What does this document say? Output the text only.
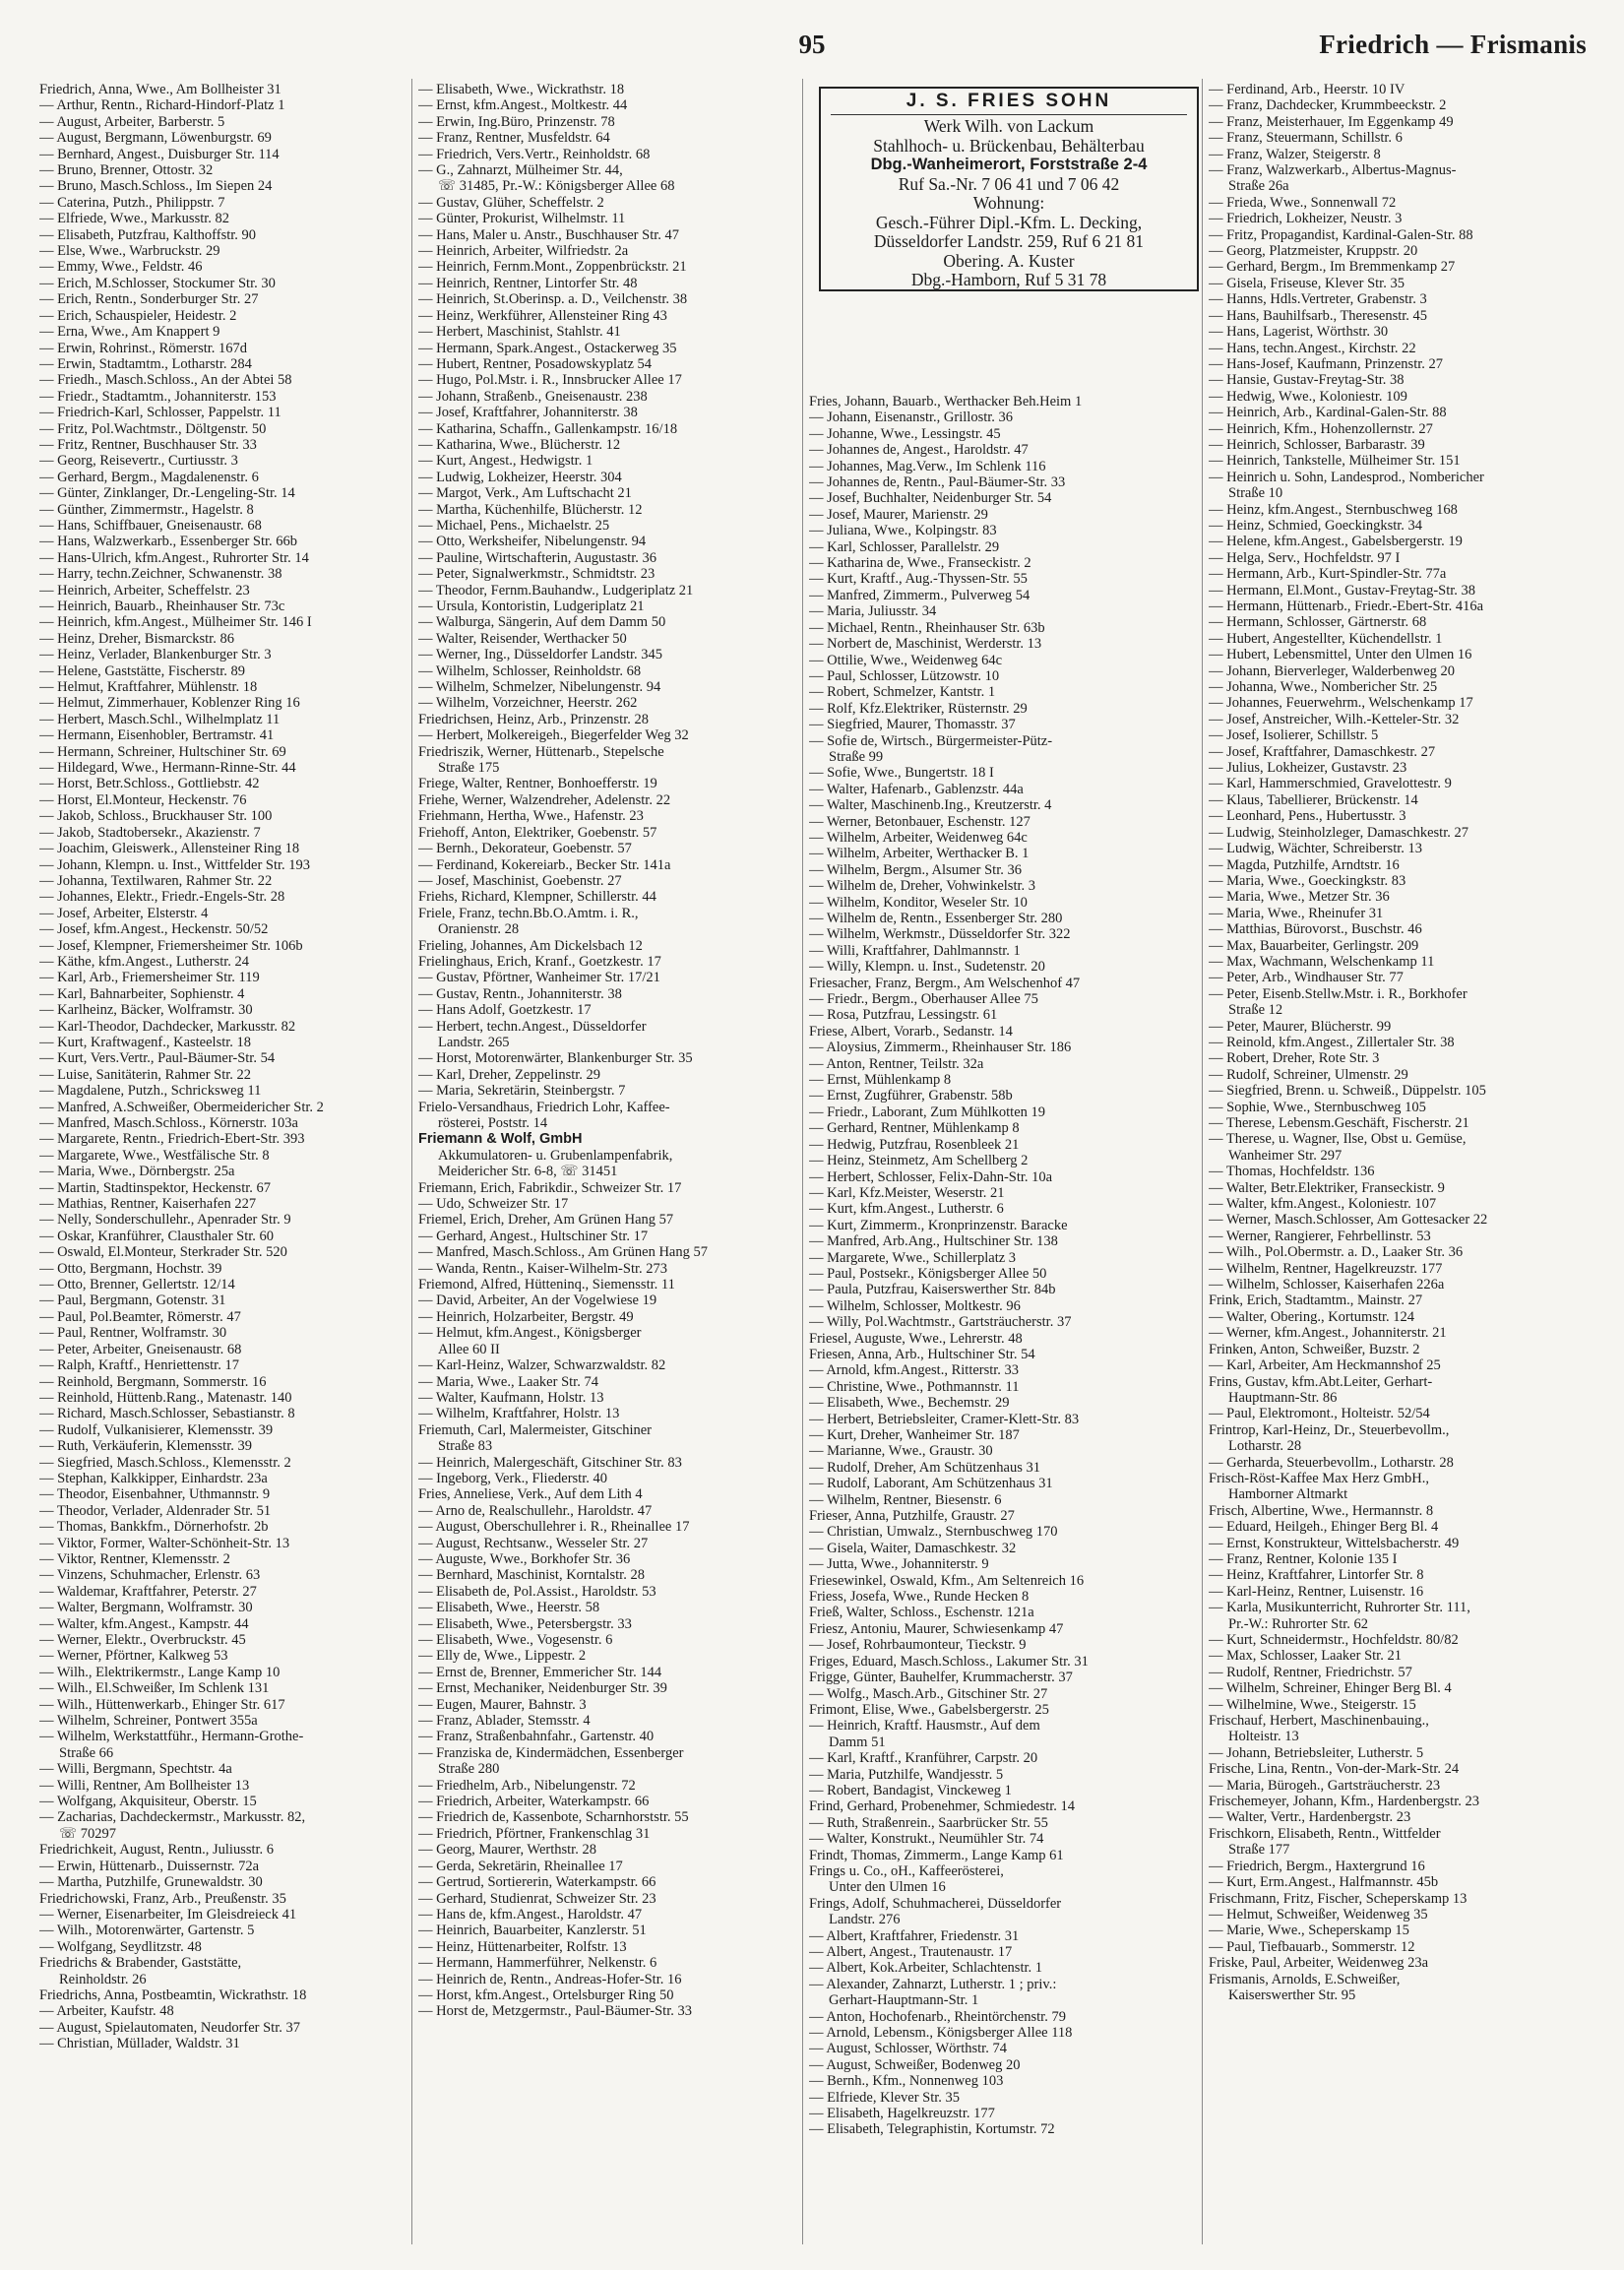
95	Friedrich — Frismanis
Friedrich, Anna, Wwe., Am Bollheister 31
— Arthur, Rentn., Richard-Hindorf-Platz 1
— August, Arbeiter, Barberstr. 5
— August, Bergmann, Löwenburgstr. 69
— Bernhard, Angest., Duisburger Str. 114
— Bruno, Brenner, Ottostr. 32
— Bruno, Masch.Schloss., Im Siepen 24
— Caterina, Putzh., Philippstr. 7
— Elfriede, Wwe., Markusstr. 82
— Elisabeth, Putzfrau, Kalthoffstr. 90
— Else, Wwe., Warbruckstr. 29
— Emmy, Wwe., Feldstr. 46
— Erich, M.Schlosser, Stockumer Str. 30
— Erich, Rentn., Sonderburger Str. 27
— Erich, Schauspieler, Heidestr. 2
— Erna, Wwe., Am Knappert 9
— Erwin, Rohrinst., Römerstr. 167d
— Erwin, Stadtamtm., Lotharstr. 284
— Friedh., Masch.Schloss., An der Abtei 58
— Friedr., Stadtamtm., Johanniterstr. 153
— Friedrich-Karl, Schlosser, Pappelstr. 11
— Fritz, Pol.Wachtmstr., Döltgenstr. 50
— Fritz, Rentner, Buschhauser Str. 33
— Georg, Reisevertr., Curtiusstr. 3
— Gerhard, Bergm., Magdalenenstr. 6
— Günter, Zinklanger, Dr.-Lengeling-Str. 14
— Günther, Zimmermstr., Hagelstr. 8
— Hans, Schiffbauer, Gneisenaustr. 68
— Hans, Walzwerkarb., Essenberger Str. 66b
— Hans-Ulrich, kfm.Angest., Ruhrorter Str. 14
— Harry, techn.Zeichner, Schwanenstr. 38
— Heinrich, Arbeiter, Scheffelstr. 23
— Heinrich, Bauarb., Rheinhauser Str. 73c
— Heinrich, kfm.Angest., Mülheimer Str. 146 I
— Heinz, Dreher, Bismarckstr. 86
— Heinz, Verlader, Blankenburger Str. 3
— Helene, Gaststätte, Fischerstr. 89
— Helmut, Kraftfahrer, Mühlenstr. 18
— Helmut, Zimmerhauer, Koblenzer Ring 16
— Herbert, Masch.Schl., Wilhelmplatz 11
— Hermann, Eisenhobler, Bertramstr. 41
— Hermann, Schreiner, Hultschiner Str. 69
— Hildegard, Wwe., Hermann-Rinne-Str. 44
— Horst, Betr.Schloss., Gottliebstr. 42
— Horst, El.Monteur, Heckenstr. 76
— Jakob, Schloss., Bruckhauser Str. 100
— Jakob, Stadtobersekr., Akazienstr. 7
— Joachim, Gleiswerk., Allensteiner Ring 18
— Johann, Klempn. u. Inst., Wittfelder Str. 193
— Johanna, Textilwaren, Rahmer Str. 22
— Johannes, Elektr., Friedr.-Engels-Str. 28
— Josef, Arbeiter, Elsterstr. 4
— Josef, kfm.Angest., Heckenstr. 50/52
— Josef, Klempner, Friemersheimer Str. 106b
— Käthe, kfm.Angest., Lutherstr. 24
— Karl, Arb., Friemersheimer Str. 119
— Karl, Bahnarbeiter, Sophienstr. 4
— Karlheinz, Bäcker, Wolframstr. 30
— Karl-Theodor, Dachdecker, Markusstr. 82
— Kurt, Kraftwagenf., Kasteelstr. 18
— Kurt, Vers.Vertr., Paul-Bäumer-Str. 54
— Luise, Sanitäterin, Rahmer Str. 22
— Magdalene, Putzh., Schricksweg 11
— Manfred, A.Schweißer, Obermeidericher Str. 2
— Manfred, Masch.Schloss., Körnerstr. 103a
— Margarete, Rentn., Friedrich-Ebert-Str. 393
— Margarete, Wwe., Westfälische Str. 8
— Maria, Wwe., Dörnbergstr. 25a
— Martin, Stadtinspektor, Heckenstr. 67
— Mathias, Rentner, Kaiserhafen 227
— Nelly, Sonderschullehr., Apenrader Str. 9
— Oskar, Kranführer, Clausthaler Str. 60
— Oswald, El.Monteur, Sterkrader Str. 520
— Otto, Bergmann, Hochstr. 39
— Otto, Brenner, Gellertstr. 12/14
— Paul, Bergmann, Gotenstr. 31
— Paul, Pol.Beamter, Römerstr. 47
— Paul, Rentner, Wolframstr. 30
— Peter, Arbeiter, Gneisenaustr. 68
— Ralph, Kraftf., Henriettenstr. 17
— Reinhold, Bergmann, Sommerstr. 16
— Reinhold, Hüttenb.Rang., Matenastr. 140
— Richard, Masch.Schlosser, Sebastianstr. 8
— Rudolf, Vulkanisierer, Klemensstr. 39
— Ruth, Verkäuferin, Klemensstr. 39
— Siegfried, Masch.Schloss., Klemensstr. 2
— Stephan, Kalkkipper, Einhardstr. 23a
— Theodor, Eisenbahner, Uthmannstr. 9
— Theodor, Verlader, Aldenrader Str. 51
— Thomas, Bankkfm., Dörnerhofstr. 2b
— Viktor, Former, Walter-Schönheit-Str. 13
— Viktor, Rentner, Klemensstr. 2
— Vinzens, Schuhmacher, Erlenstr. 63
— Waldemar, Kraftfahrer, Peterstr. 27
— Walter, Bergmann, Wolframstr. 30
— Walter, kfm.Angest., Kampstr. 44
— Werner, Elektr., Overbruckstr. 45
— Werner, Pförtner, Kalkweg 53
— Wilh., Elektrikermstr., Lange Kamp 10
— Wilh., El.Schweißer, Im Schlenk 131
— Wilh., Hüttenwerkarb., Ehinger Str. 617
— Wilhelm, Schreiner, Pontwert 355a
— Wilhelm, Werkstattführ., Hermann-Grothe-
Straße 66
— Willi, Bergmann, Spechtstr. 4a
— Willi, Rentner, Am Bollheister 13
— Wolfgang, Akquisiteur, Oberstr. 15
— Zacharias, Dachdeckermstr., Markusstr. 82,
☏ 70297
Friedrichkeit, August, Rentn., Juliusstr. 6
— Erwin, Hüttenarb., Duissernstr. 72a
— Martha, Putzhilfe, Grunewaldstr. 30
Friedrichowski, Franz, Arb., Preußenstr. 35
— Werner, Eisenarbeiter, Im Gleisdreieck 41
— Wilh., Motorenwärter, Gartenstr. 5
— Wolfgang, Seydlitzstr. 48
Friedrichs & Brabender, Gaststätte,
Reinholdstr. 26
Friedrichs, Anna, Postbeamtin, Wickrathstr. 18
— Arbeiter, Kaufstr. 48
— August, Spielautomaten, Neudorfer Str. 37
— Christian, Müllader, Waldstr. 31
— Elisabeth, Wwe., Wickrathstr. 18
— Ernst, kfm.Angest., Moltkestr. 44
— Erwin, Ing.Büro, Prinzenstr. 78
— Franz, Rentner, Musfeldstr. 64
— Friedrich, Vers.Vertr., Reinholdstr. 68
— G., Zahnarzt, Mülheimer Str. 44,
☏ 31485, Pr.-W.: Königsberger Allee 68
— Gustav, Glüher, Scheffelstr. 2
— Günter, Prokurist, Wilhelmstr. 11
— Hans, Maler u. Anstr., Buschhauser Str. 47
— Heinrich, Arbeiter, Wilfriedstr. 2a
— Heinrich, Fernm.Mont., Zoppenbrückstr. 21
— Heinrich, Rentner, Lintorfer Str. 48
— Heinrich, St.Oberinsp. a. D., Veilchenstr. 38
— Heinz, Werkführer, Allensteiner Ring 43
— Herbert, Maschinist, Stahlstr. 41
— Hermann, Spark.Angest., Ostackerweg 35
— Hubert, Rentner, Posadowskyplatz 54
— Hugo, Pol.Mstr. i. R., Innsbrucker Allee 17
— Johann, Straßenb., Gneisenaustr. 238
— Josef, Kraftfahrer, Johanniterstr. 38
— Katharina, Schaffn., Gallenkampstr. 16/18
— Katharina, Wwe., Blücherstr. 12
— Kurt, Angest., Hedwigstr. 1
— Ludwig, Lokheizer, Heerstr. 304
— Margot, Verk., Am Luftschacht 21
— Martha, Küchenhilfe, Blücherstr. 12
— Michael, Pens., Michaelstr. 25
— Otto, Werksheifer, Nibelungenstr. 94
— Pauline, Wirtschafterin, Augustastr. 36
— Peter, Signalwerkmstr., Schmidtstr. 23
— Theodor, Fernm.Bauhandw., Ludgeriplatz 21
— Ursula, Kontoristin, Ludgeriplatz 21
— Walburga, Sängerin, Auf dem Damm 50
— Walter, Reisender, Werthacker 50
— Werner, Ing., Düsseldorfer Landstr. 345
— Wilhelm, Schlosser, Reinholdstr. 68
— Wilhelm, Schmelzer, Nibelungenstr. 94
— Wilhelm, Vorzeichner, Heerstr. 262
Friedrichsen, Heinz, Arb., Prinzenstr. 28
— Herbert, Molkereigeh., Biegerfelder Weg 32
Friedriszik, Werner, Hüttenarb., Stepelsche
Straße 175
Friege, Walter, Rentner, Bonhoefferstr. 19
Friehe, Werner, Walzendreher, Adelenstr. 22
Friehmann, Hertha, Wwe., Hafenstr. 23
Friehoff, Anton, Elektriker, Goebenstr. 57
— Bernh., Dekorateur, Goebenstr. 57
— Ferdinand, Kokereiarb., Becker Str. 141a
— Josef, Maschinist, Goebenstr. 27
Friehs, Richard, Klempner, Schillerstr. 44
Friele, Franz, techn.Bb.O.Amtm. i. R.,
Oranienstr. 28
Frieling, Johannes, Am Dickelsbach 12
Frielinghaus, Erich, Kranf., Goetzkestr. 17
— Gustav, Pförtner, Wanheimer Str. 17/21
— Gustav, Rentn., Johanniterstr. 38
— Hans Adolf, Goetzkestr. 17
— Herbert, techn.Angest., Düsseldorfer
Landstr. 265
— Horst, Motorenwärter, Blankenburger Str. 35
— Karl, Dreher, Zeppelinstr. 29
— Maria, Sekretärin, Steinbergstr. 7
Frielo-Versandhaus, Friedrich Lohr, Kaffee-
rösterei, Poststr. 14
Friemann & Wolf, GmbH
Akkumulatoren- u. Grubenlampenfabrik,
Meidericher Str. 6-8, ☏ 31451
Friemann, Erich, Fabrikdir., Schweizer Str. 17
— Udo, Schweizer Str. 17
Friemel, Erich, Dreher, Am Grünen Hang 57
— Gerhard, Angest., Hultschiner Str. 17
— Manfred, Masch.Schloss., Am Grünen Hang 57
— Wanda, Rentn., Kaiser-Wilhelm-Str. 273
Friemond, Alfred, Hütteninq., Siemensstr. 11
— David, Arbeiter, An der Vogelwiese 19
— Heinrich, Holzarbeiter, Bergstr. 49
— Helmut, kfm.Angest., Königsberger
Allee 60 II
— Karl-Heinz, Walzer, Schwarzwaldstr. 82
— Maria, Wwe., Laaker Str. 74
— Walter, Kaufmann, Holstr. 13
— Wilhelm, Kraftfahrer, Holstr. 13
Friemuth, Carl, Malermeister, Gitschiner
Straße 83
— Heinrich, Malergeschäft, Gitschiner Str. 83
— Ingeborg, Verk., Fliederstr. 40
Fries, Anneliese, Verk., Auf dem Lith 4
— Arno de, Realschullehr., Haroldstr. 47
— August, Oberschullehrer i. R., Rheinallee 17
— August, Rechtsanw., Wesseler Str. 27
— Auguste, Wwe., Borkhofer Str. 36
— Bernhard, Maschinist, Korntalstr. 28
— Elisabeth de, Pol.Assist., Haroldstr. 53
— Elisabeth, Wwe., Heerstr. 58
— Elisabeth, Wwe., Petersbergstr. 33
— Elisabeth, Wwe., Vogesenstr. 6
— Elly de, Wwe., Lippestr. 2
— Ernst de, Brenner, Emmericher Str. 144
— Ernst, Mechaniker, Neidenburger Str. 39
— Eugen, Maurer, Bahnstr. 3
— Franz, Ablader, Stemsstr. 4
— Franz, Straßenbahnfahr., Gartenstr. 40
— Franziska de, Kindermädchen, Essenberger
Straße 280
— Friedhelm, Arb., Nibelungenstr. 72
— Friedrich, Arbeiter, Waterkampstr. 66
— Friedrich de, Kassenbote, Scharnhorststr. 55
— Friedrich, Pförtner, Frankenschlag 31
— Georg, Maurer, Werthstr. 28
— Gerda, Sekretärin, Rheinallee 17
— Gertrud, Sortiererin, Waterkampstr. 66
— Gerhard, Studienrat, Schweizer Str. 23
— Hans de, kfm.Angest., Haroldstr. 47
— Heinrich, Bauarbeiter, Kanzlerstr. 51
— Heinz, Hüttenarbeiter, Rolfstr. 13
— Hermann, Hammerführer, Nelkenstr. 6
— Heinrich de, Rentn., Andreas-Hofer-Str. 16
— Horst, kfm.Angest., Ortelsburger Ring 50
— Horst de, Metzgermstr., Paul-Bäumer-Str. 33
Fries, Johann, Bauarb., Werthacker Beh.Heim 1
— Johann, Eisenanstr., Grillostr. 36
— Johanne, Wwe., Lessingstr. 45
— Johannes de, Angest., Haroldstr. 47
— Johannes, Mag.Verw., Im Schlenk 116
— Johannes de, Rentn., Paul-Bäumer-Str. 33
— Josef, Buchhalter, Neidenburger Str. 54
— Josef, Maurer, Marienstr. 29
— Juliana, Wwe., Kolpingstr. 83
— Karl, Schlosser, Parallelstr. 29
— Katharina de, Wwe., Franseckistr. 2
— Kurt, Kraftf., Aug.-Thyssen-Str. 55
— Manfred, Zimmerm., Pulverweg 54
— Maria, Juliusstr. 34
— Michael, Rentn., Rheinhauser Str. 63b
— Norbert de, Maschinist, Werderstr. 13
— Ottilie, Wwe., Weidenweg 64c
— Paul, Schlosser, Lützowstr. 10
— Robert, Schmelzer, Kantstr. 1
— Rolf, Kfz.Elektriker, Rüsternstr. 29
— Siegfried, Maurer, Thomasstr. 37
— Sofie de, Wirtsch., Bürgermeister-Pütz-
Straße 99
— Sofie, Wwe., Bungertstr. 18 I
— Walter, Hafenarb., Gablenzstr. 44a
— Walter, Maschinenb.Ing., Kreutzerstr. 4
— Werner, Betonbauer, Eschenstr. 127
— Wilhelm, Arbeiter, Weidenweg 64c
— Wilhelm, Arbeiter, Werthacker B. 1
— Wilhelm, Bergm., Alsumer Str. 36
— Wilhelm de, Dreher, Vohwinkelstr. 3
— Wilhelm, Konditor, Weseler Str. 10
— Wilhelm de, Rentn., Essenberger Str. 280
— Wilhelm, Werkmstr., Düsseldorfer Str. 322
— Willi, Kraftfahrer, Dahlmannstr. 1
— Willy, Klempn. u. Inst., Sudetenstr. 20
Friesacher, Franz, Bergm., Am Welschenhof 47
— Friedr., Bergm., Oberhauser Allee 75
— Rosa, Putzfrau, Lessingstr. 61
Friese, Albert, Vorarb., Sedanstr. 14
— Aloysius, Zimmerm., Rheinhauser Str. 186
— Anton, Rentner, Teilstr. 32a
— Ernst, Mühlenkamp 8
— Ernst, Zugführer, Grabenstr. 58b
— Friedr., Laborant, Zum Mühlkotten 19
— Gerhard, Rentner, Mühlenkamp 8
— Hedwig, Putzfrau, Rosenbleek 21
— Heinz, Steinmetz, Am Schellberg 2
— Herbert, Schlosser, Felix-Dahn-Str. 10a
— Karl, Kfz.Meister, Weserstr. 21
— Kurt, kfm.Angest., Lutherstr. 6
— Kurt, Zimmerm., Kronprinzenstr. Baracke
— Manfred, Arb.Ang., Hultschiner Str. 138
— Margarete, Wwe., Schillerplatz 3
— Paul, Postsekr., Königsberger Allee 50
— Paula, Putzfrau, Kaiserswerther Str. 84b
— Wilhelm, Schlosser, Moltkestr. 96
— Willy, Pol.Wachtmstr., Gartsträucherstr. 37
Friesel, Auguste, Wwe., Lehrerstr. 48
Friesen, Anna, Arb., Hultschiner Str. 54
— Arnold, kfm.Angest., Ritterstr. 33
— Christine, Wwe., Pothmannstr. 11
— Elisabeth, Wwe., Bechemstr. 29
— Herbert, Betriebsleiter, Cramer-Klett-Str. 83
— Kurt, Dreher, Wanheimer Str. 187
— Marianne, Wwe., Graustr. 30
— Rudolf, Dreher, Am Schützenhaus 31
— Rudolf, Laborant, Am Schützenhaus 31
— Wilhelm, Rentner, Biesenstr. 6
Frieser, Anna, Putzhilfe, Graustr. 27
— Christian, Umwalz., Sternbuschweg 170
— Gisela, Waiter, Damaschkestr. 32
— Jutta, Wwe., Johanniterstr. 9
Friesewinkel, Oswald, Kfm., Am Seltenreich 16
Friess, Josefa, Wwe., Runde Hecken 8
Frieß, Walter, Schloss., Eschenstr. 121a
Friesz, Antoniu, Maurer, Schwiesenkamp 47
— Josef, Rohrbaumonteur, Tieckstr. 9
Friges, Eduard, Masch.Schloss., Lakumer Str. 31
Frigge, Günter, Bauhelfer, Krummacherstr. 37
— Wolfg., Masch.Arb., Gitschiner Str. 27
Frimont, Elise, Wwe., Gabelsbergerstr. 25
— Heinrich, Kraftf. Hausmstr., Auf dem
Damm 51
— Karl, Kraftf., Kranführer, Carpstr. 20
— Maria, Putzhilfe, Wandjesstr. 5
— Robert, Bandagist, Vinckeweg 1
Frind, Gerhard, Probenehmer, Schmiedestr. 14
— Ruth, Straßenrein., Saarbrücker Str. 55
— Walter, Konstrukt., Neumühler Str. 74
Frindt, Thomas, Zimmerm., Lange Kamp 61
Frings u. Co., oH., Kaffeerösterei,
Unter den Ulmen 16
Frings, Adolf, Schuhmacherei, Düsseldorfer
Landstr. 276
— Albert, Kraftfahrer, Friedenstr. 31
— Albert, Angest., Trautenaustr. 17
— Albert, Kok.Arbeiter, Schlachtenstr. 1
— Alexander, Zahnarzt, Lutherstr. 1 ; priv.:
Gerhart-Hauptmann-Str. 1
— Anton, Hochofenarb., Rheintörchenstr. 79
— Arnold, Lebensm., Königsberger Allee 118
— August, Schlosser, Wörthstr. 74
— August, Schweißer, Bodenweg 20
— Bernh., Kfm., Nonnenweg 103
— Elfriede, Klever Str. 35
— Elisabeth, Hagelkreuzstr. 177
— Elisabeth, Telegraphistin, Kortumstr. 72
— Ferdinand, Arb., Heerstr. 10 IV
— Franz, Dachdecker, Krummbeeckstr. 2
— Franz, Meisterhauer, Im Eggenkamp 49
— Franz, Steuermann, Schillstr. 6
— Franz, Walzer, Steigerstr. 8
— Franz, Walzwerkarb., Albertus-Magnus-
Straße 26a
— Frieda, Wwe., Sonnenwall 72
— Friedrich, Lokheizer, Neustr. 3
— Fritz, Propagandist, Kardinal-Galen-Str. 88
— Georg, Platzmeister, Kruppstr. 20
— Gerhard, Bergm., Im Bremmenkamp 27
— Gisela, Friseuse, Klever Str. 35
— Hanns, Hdls.Vertreter, Grabenstr. 3
— Hans, Bauhilfsarb., Theresenstr. 45
— Hans, Lagerist, Wörthstr. 30
— Hans, techn.Angest., Kirchstr. 22
— Hans-Josef, Kaufmann, Prinzenstr. 27
— Hansie, Gustav-Freytag-Str. 38
— Hedwig, Wwe., Koloniestr. 109
— Heinrich, Arb., Kardinal-Galen-Str. 88
— Heinrich, Kfm., Hohenzollernstr. 27
— Heinrich, Schlosser, Barbarastr. 39
— Heinrich, Tankstelle, Mülheimer Str. 151
— Heinrich u. Sohn, Landesprod., Nombericher
Straße 10
— Heinz, kfm.Angest., Sternbuschweg 168
— Heinz, Schmied, Goeckingkstr. 34
— Helene, kfm.Angest., Gabelsbergerstr. 19
— Helga, Serv., Hochfeldstr. 97 I
— Hermann, Arb., Kurt-Spindler-Str. 77a
— Hermann, El.Mont., Gustav-Freytag-Str. 38
— Hermann, Hüttenarb., Friedr.-Ebert-Str. 416a
— Hermann, Schlosser, Gärtnerstr. 68
— Hubert, Angestellter, Küchendellstr. 1
— Hubert, Lebensmittel, Unter den Ulmen 16
— Johann, Bierverleger, Walderbenweg 20
— Johanna, Wwe., Nombericher Str. 25
— Johannes, Feuerwehrm., Welschenkamp 17
— Josef, Anstreicher, Wilh.-Ketteler-Str. 32
— Josef, Isolierer, Schillstr. 5
— Josef, Kraftfahrer, Damaschkestr. 27
— Julius, Lokheizer, Gustavstr. 23
— Karl, Hammerschmied, Gravelottestr. 9
— Klaus, Tabellierer, Brückenstr. 14
— Leonhard, Pens., Hubertusstr. 3
— Ludwig, Steinholzleger, Damaschkestr. 27
— Ludwig, Wächter, Schreiberstr. 13
— Magda, Putzhilfe, Arndtstr. 16
— Maria, Wwe., Goeckingkstr. 83
— Maria, Wwe., Metzer Str. 36
— Maria, Wwe., Rheinufer 31
— Matthias, Bürovorst., Buschstr. 46
— Max, Bauarbeiter, Gerlingstr. 209
— Max, Wachmann, Welschenkamp 11
— Peter, Arb., Windhauser Str. 77
— Peter, Eisenb.Stellw.Mstr. i. R., Borkhofer
Straße 12
— Peter, Maurer, Blücherstr. 99
— Reinold, kfm.Angest., Zillertaler Str. 38
— Robert, Dreher, Rote Str. 3
— Rudolf, Schreiner, Ulmenstr. 29
— Siegfried, Brenn. u. Schweiß., Düppelstr. 105
— Sophie, Wwe., Sternbuschweg 105
— Therese, Lebensm.Geschäft, Fischerstr. 21
— Therese, u. Wagner, Ilse, Obst u. Gemüse,
Wanheimer Str. 297
— Thomas, Hochfeldstr. 136
— Walter, Betr.Elektriker, Franseckistr. 9
— Walter, kfm.Angest., Koloniestr. 107
— Werner, Masch.Schlosser, Am Gottesacker 22
— Werner, Rangierer, Fehrbellinstr. 53
— Wilh., Pol.Obermstr. a. D., Laaker Str. 36
— Wilhelm, Rentner, Hagelkreuzstr. 177
— Wilhelm, Schlosser, Kaiserhafen 226a
Frink, Erich, Stadtamtm., Mainstr. 27
— Walter, Obering., Kortumstr. 124
— Werner, kfm.Angest., Johanniterstr. 21
Frinken, Anton, Schweißer, Buzstr. 2
— Karl, Arbeiter, Am Heckmannshof 25
Frins, Gustav, kfm.Abt.Leiter, Gerhart-
Hauptmann-Str. 86
— Paul, Elektromont., Holteistr. 52/54
Frintrop, Karl-Heinz, Dr., Steuerbevollm.,
Lotharstr. 28
— Gerharda, Steuerbevollm., Lotharstr. 28
Frisch-Röst-Kaffee Max Herz GmbH.,
Hamborner Altmarkt
Frisch, Albertine, Wwe., Hermannstr. 8
— Eduard, Heilgeh., Ehinger Berg Bl. 4
— Ernst, Konstrukteur, Wittelsbacherstr. 49
— Franz, Rentner, Kolonie 135 I
— Heinz, Kraftfahrer, Lintorfer Str. 8
— Karl-Heinz, Rentner, Luisenstr. 16
— Karla, Musikunterricht, Ruhrorter Str. 111,
Pr.-W.: Ruhrorter Str. 62
— Kurt, Schneidermstr., Hochfeldstr. 80/82
— Max, Schlosser, Laaker Str. 21
— Rudolf, Rentner, Friedrichstr. 57
— Wilhelm, Schreiner, Ehinger Berg Bl. 4
— Wilhelmine, Wwe., Steigerstr. 15
Frischauf, Herbert, Maschinenbauing.,
Holteistr. 13
— Johann, Betriebsleiter, Lutherstr. 5
Frische, Lina, Rentn., Von-der-Mark-Str. 24
— Maria, Bürogeh., Gartsträucherstr. 23
Frischemeyer, Johann, Kfm., Hardenbergstr. 23
— Walter, Vertr., Hardenbergstr. 23
Frischkorn, Elisabeth, Rentn., Wittfelder
Straße 177
— Friedrich, Bergm., Haxtergrund 16
— Kurt, Erm.Angest., Halfmannstr. 45b
Frischmann, Fritz, Fischer, Scheperskamp 13
— Helmut, Schweißer, Weidenweg 35
— Marie, Wwe., Scheperskamp 15
— Paul, Tiefbauarb., Sommerstr. 12
Friske, Paul, Arbeiter, Weidenweg 23a
Frismanis, Arnolds, E.Schweißer,
Kaiserswerther Str. 95
J. S. FRIES SOHN
Werk Wilh. von Lackum
Stahlhoch- u. Brückenbau, Behälterbau
Dbg.-Wanheimerort, Forststraße 2-4
Ruf Sa.-Nr. 7 06 41 und 7 06 42
Wohnung:
Gesch.-Führer Dipl.-Kfm. L. Decking,
Düsseldorfer Landstr. 259, Ruf 6 21 81
Obering. A. Kuster
Dbg.-Hamborn, Ruf 5 31 78
